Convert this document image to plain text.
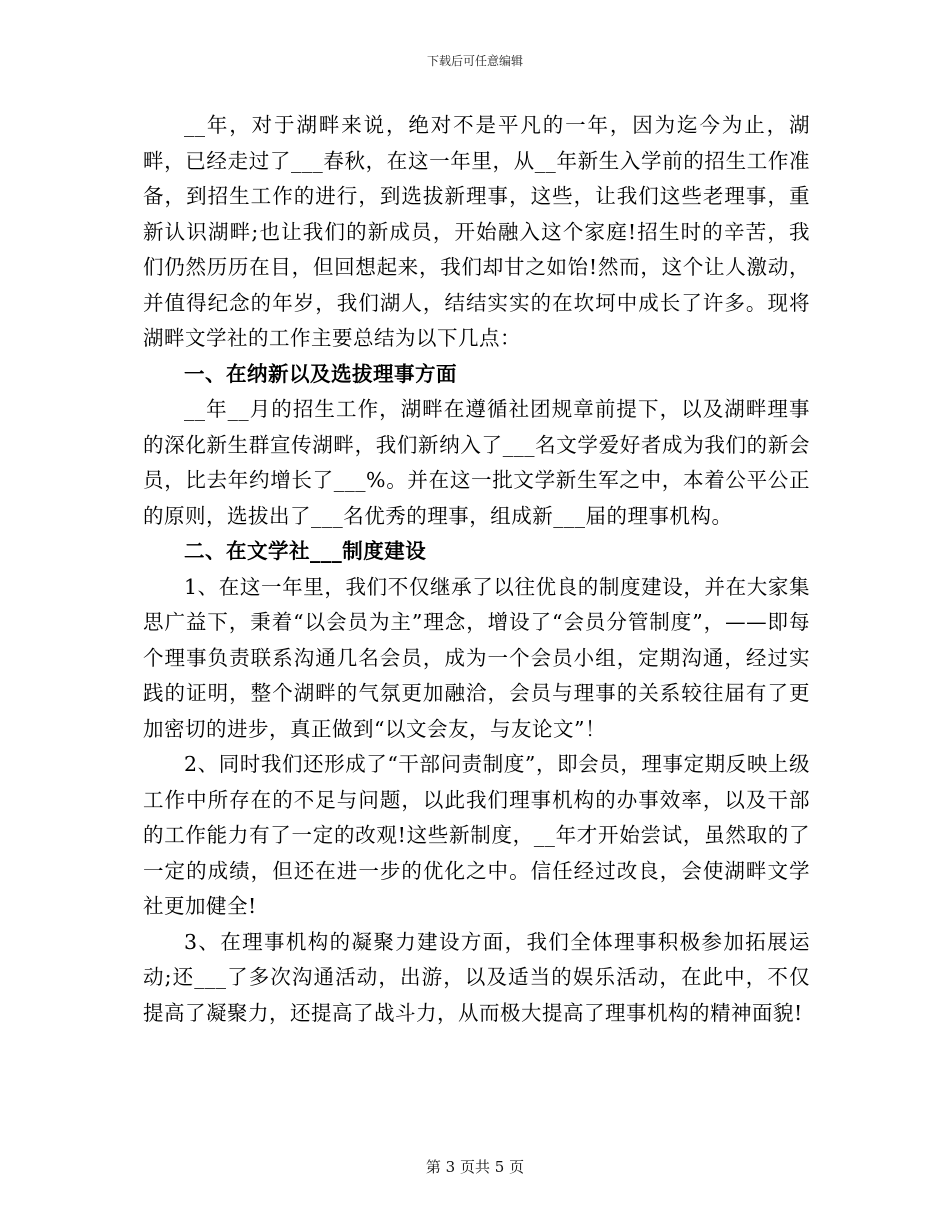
下载后可任意编辑

__年，对于湖畔来说，绝对不是平凡的一年，因为迄今为止，湖畔，已经走过了___春秋，在这一年里，从__年新生入学前的招生工作准备，到招生工作的进行，到选拔新理事，这些，让我们这些老理事，重新认识湖畔;也让我们的新成员，开始融入这个家庭!招生时的辛苦，我们仍然历历在目，但回想起来，我们却甘之如饴!然而，这个让人激动，并值得纪念的年岁，我们湖人，结结实实的在坎坷中成长了许多。现将湖畔文学社的工作主要总结为以下几点：

一、在纳新以及选拔理事方面

__年__月的招生工作，湖畔在遵循社团规章前提下，以及湖畔理事的深化新生群宣传湖畔，我们新纳入了___名文学爱好者成为我们的新会员，比去年约增长了___%。并在这一批文学新生军之中，本着公平公正的原则，选拔出了___名优秀的理事，组成新___届的理事机构。

二、在文学社___制度建设

1、在这一年里，我们不仅继承了以往优良的制度建设，并在大家集思广益下，秉着“以会员为主”理念，增设了“会员分管制度”，——即每个理事负责联系沟通几名会员，成为一个会员小组，定期沟通，经过实践的证明，整个湖畔的气氛更加融洽，会员与理事的关系较往届有了更加密切的进步，真正做到“以文会友，与友论文”！

2、同时我们还形成了“干部问责制度”，即会员，理事定期反映上级工作中所存在的不足与问题，以此我们理事机构的办事效率，以及干部的工作能力有了一定的改观!这些新制度，__年才开始尝试，虽然取的了一定的成绩，但还在进一步的优化之中。信任经过改良，会使湖畔文学社更加健全!

3、在理事机构的凝聚力建设方面，我们全体理事积极参加拓展运动;还___了多次沟通活动，出游，以及适当的娱乐活动，在此中，不仅提高了凝聚力，还提高了战斗力，从而极大提高了理事机构的精神面貌!

第 3 页共 5 页
